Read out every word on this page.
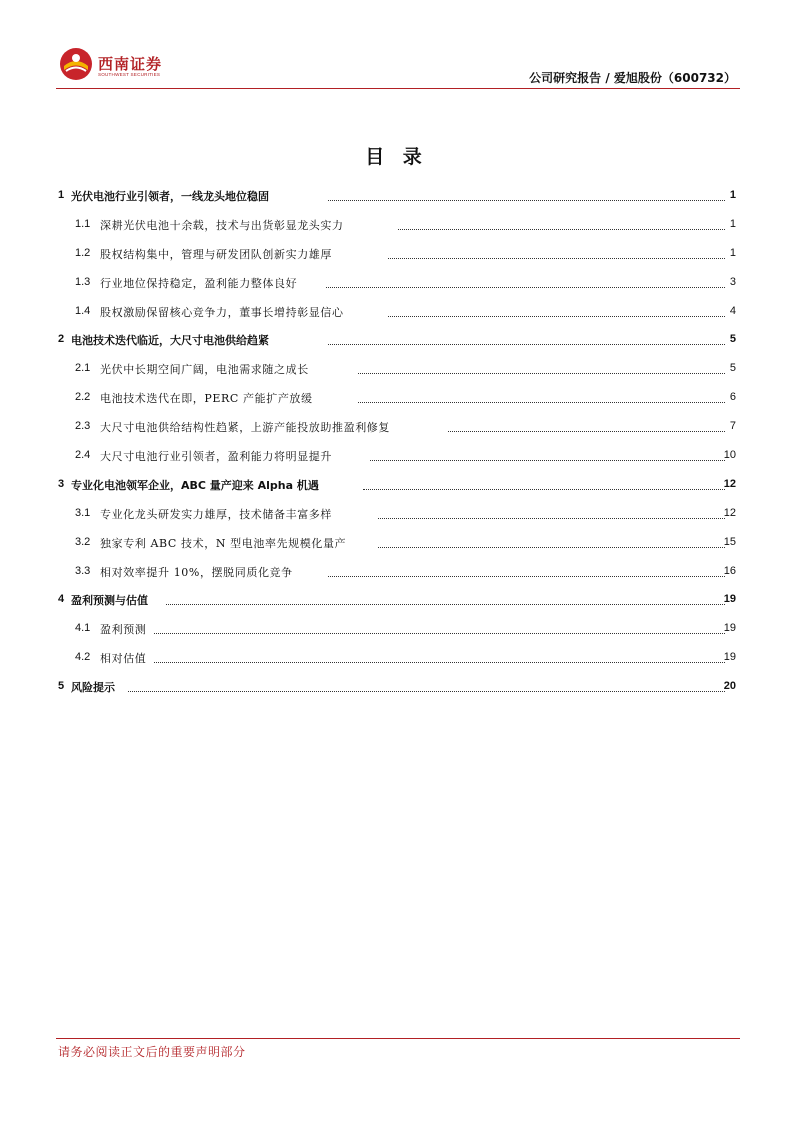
西南证券
SOUTHWEST SECURITIES	公司研究报告 / 爱旭股份（600732）
目 录
1 光伏电池行业引领者，一线龙头地位稳固	1
1.1 深耕光伏电池十余载，技术与出货彰显龙头实力	1
1.2 股权结构集中，管理与研发团队创新实力雄厚	1
1.3 行业地位保持稳定，盈利能力整体良好	3
1.4 股权激励保留核心竞争力，董事长增持彰显信心	4
2 电池技术迭代临近，大尺寸电池供给趋紧	5
2.1 光伏中长期空间广阔，电池需求随之成长	5
2.2 电池技术迭代在即，PERC 产能扩产放缓	6
2.3 大尺寸电池供给结构性趋紧，上游产能投放助推盈利修复	7
2.4 大尺寸电池行业引领者，盈利能力将明显提升	10
3 专业化电池领军企业，ABC 量产迎来 Alpha 机遇	12
3.1 专业化龙头研发实力雄厚，技术储备丰富多样	12
3.2 独家专利 ABC 技术，N 型电池率先规模化量产	15
3.3 相对效率提升 10%，摆脱同质化竞争	16
4 盈利预测与估值	19
4.1 盈利预测	19
4.2 相对估值	19
5 风险提示	20
请务必阅读正文后的重要声明部分
